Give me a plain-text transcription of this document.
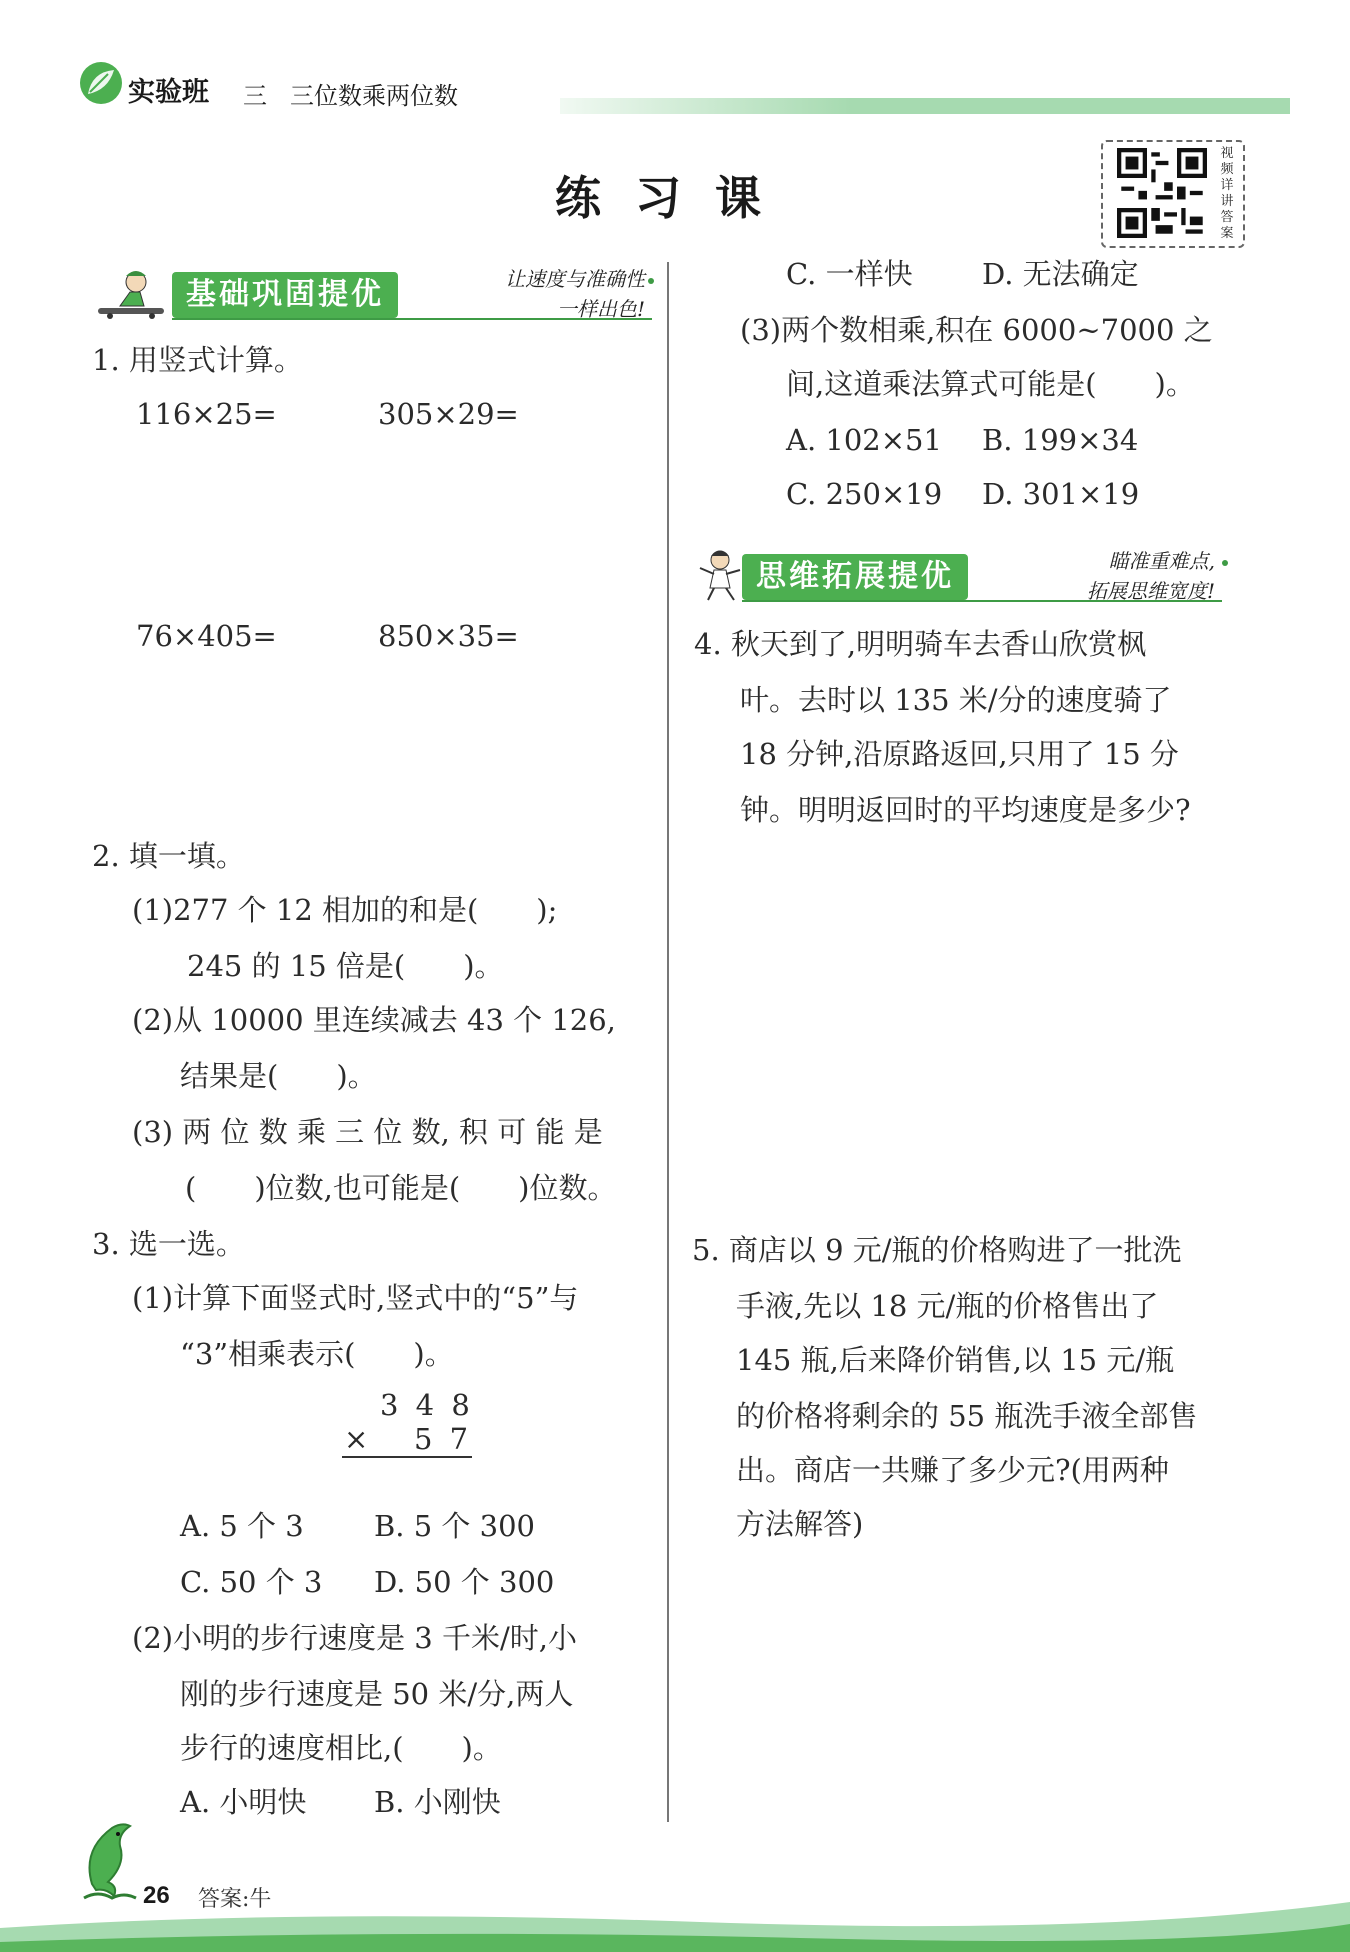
实验班 三 三位数乘两位数
练习课
视
频
详
讲
答
案
基础巩固提优	让速度与准确性
一样出色!
1. 用竖式计算。
116×25=	305×29=
76×405=	850×35=
2. 填一填。
(1)277 个 12 相加的和是(　　);
245 的 15 倍是(　　)。
(2)从 10000 里连续减去 43 个 126,
结果是(　　)。
(3) 两 位 数 乘 三 位 数, 积 可 能 是
(　　)位数,也可能是(　　)位数。
3. 选一选。
(1)计算下面竖式时,竖式中的“5”与
“3”相乘表示(　　)。
3 4 8
× 5 7
A. 5 个 3 B. 5 个 300
C. 50 个 3 D. 50 个 300
(2)小明的步行速度是 3 千米/时,小
刚的步行速度是 50 米/分,两人
步行的速度相比,(　　)。
A. 小明快 B. 小刚快
C. 一样快 D. 无法确定
(3)两个数相乘,积在 6000~7000 之
间,这道乘法算式可能是(　　)。
A. 102×51 B. 199×34
C. 250×19 D. 301×19
思维拓展提优	瞄准重难点,
拓展思维宽度!
4. 秋天到了,明明骑车去香山欣赏枫
叶。去时以 135 米/分的速度骑了
18 分钟,沿原路返回,只用了 15 分
钟。明明返回时的平均速度是多少?
5. 商店以 9 元/瓶的价格购进了一批洗
手液,先以 18 元/瓶的价格售出了
145 瓶,后来降价销售,以 15 元/瓶
的价格将剩余的 55 瓶洗手液全部售
出。商店一共赚了多少元?(用两种
方法解答)
26 答案:牛
